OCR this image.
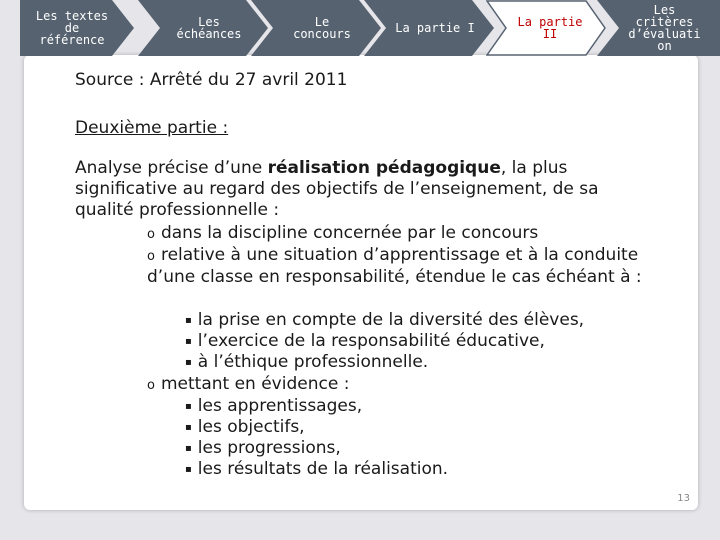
Les textes
de
référence
Les
échéances
Le
concours	La partie I	La partie
II
Les
critères
d’évaluati
on

Source : Arrêté du 27 avril 2011

Deuxième partie :

Analyse précise d’une réalisation pédagogique, la plus significative au regard des objectifs de l’enseignement, de sa qualité professionnelle :

o dans la discipline concernée par le concours

o relative à une situation d’apprentissage et à la conduite d’une classe en responsabilité, étendue le cas échéant à :

▪ la prise en compte de la diversité des élèves,

▪ l’exercice de la responsabilité éducative,

▪ à l’éthique professionnelle.

o mettant en évidence :

▪ les apprentissages,

▪ les objectifs,

▪ les progressions,

▪ les résultats de la réalisation.

13
